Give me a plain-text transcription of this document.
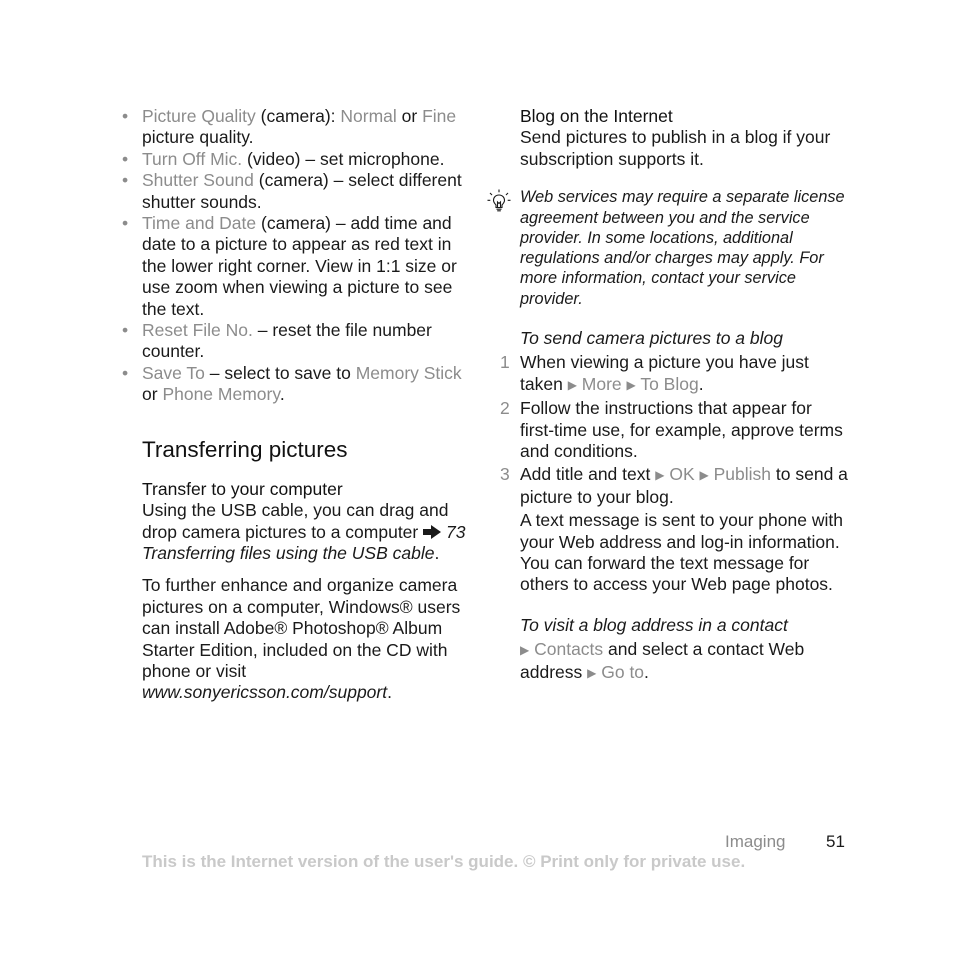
• Picture Quality (camera): Normal or Fine picture quality.
• Turn Off Mic. (video) – set microphone.
• Shutter Sound (camera) – select different shutter sounds.
• Time and Date (camera) – add time and date to a picture to appear as red text in the lower right corner. View in 1:1 size or use zoom when viewing a picture to see the text.
• Reset File No. – reset the file number counter.
• Save To – select to save to Memory Stick or Phone Memory.
Transferring pictures
Transfer to your computer
Using the USB cable, you can drag and drop camera pictures to a computer  73 Transferring files using the USB cable.
To further enhance and organize camera pictures on a computer, Windows® users can install Adobe® Photoshop® Album Starter Edition, included on the CD with phone or visit www.sonyericsson.com/support.
Blog on the Internet
Send pictures to publish in a blog if your subscription supports it.
Web services may require a separate license agreement between you and the service provider. In some locations, additional regulations and/or charges may apply. For more information, contact your service provider.
To send camera pictures to a blog
1 When viewing a picture you have just taken ▶ More ▶ To Blog.
2 Follow the instructions that appear for first-time use, for example, approve terms and conditions.
3 Add title and text ▶ OK ▶ Publish to send a picture to your blog.
A text message is sent to your phone with your Web address and log-in information. You can forward the text message for others to access your Web page photos.
To visit a blog address in a contact
▶ Contacts and select a contact Web address ▶ Go to.
Imaging 51
This is the Internet version of the user's guide. © Print only for private use.
